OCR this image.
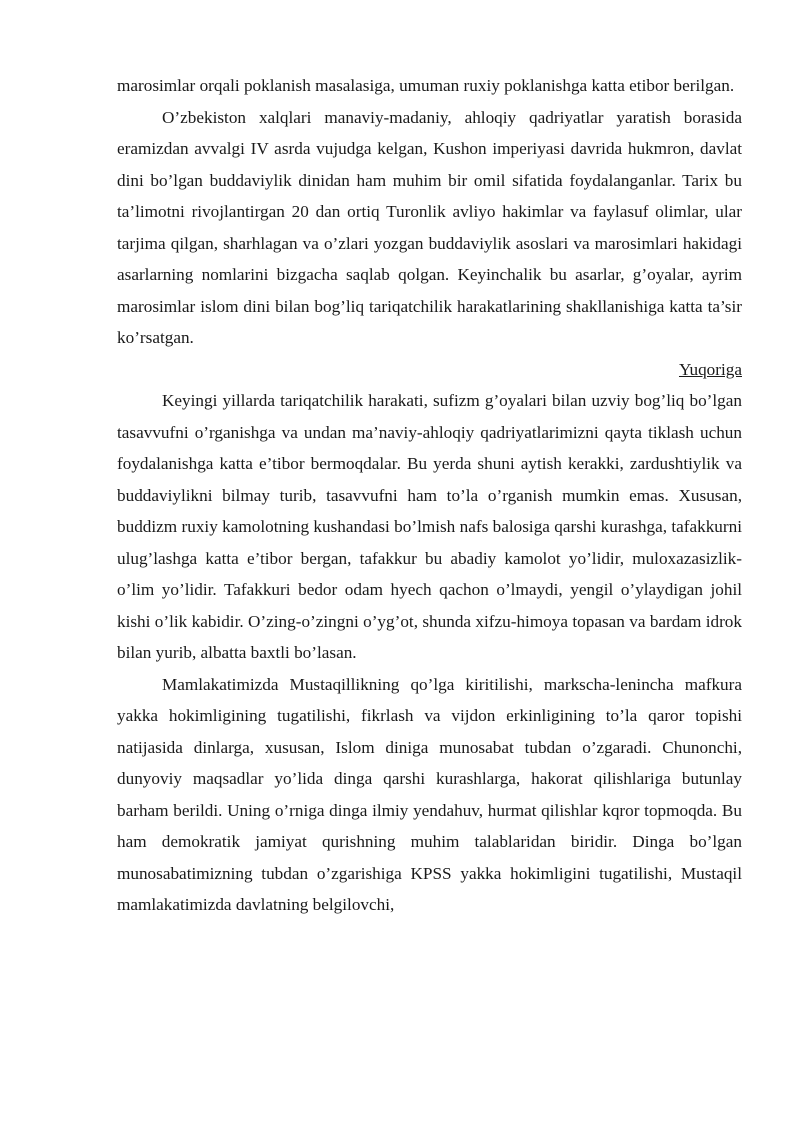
marosimlar orqali poklanish masalasiga, umuman ruxiy poklanishga katta etibor berilgan.

O’zbekiston xalqlari manaviy-madaniy, ahloqiy qadriyatlar yaratish borasida eramizdan avvalgi IV asrda vujudga kelgan, Kushon imperiyasi davrida hukmron, davlat dini bo’lgan buddaviylik dinidan ham muhim bir omil sifatida foydalanganlar. Tarix bu ta’limotni rivojlantirgan 20 dan ortiq Turonlik avliyo hakimlar va faylasuf olimlar, ular tarjima qilgan, sharhlagan va o’zlari yozgan buddaviylik asoslari va marosimlari hakidagi asarlarning nomlarini bizgacha saqlab qolgan. Keyinchalik bu asarlar, g’oyalar, ayrim marosimlar islom dini bilan bog’liq tariqatchilik harakatlarining shakllanishiga katta ta’sir ko’rsatgan.

Yuqoriga

Keyingi yillarda tariqatchilik harakati, sufizm g’oyalari bilan uzviy bog’liq bo’lgan tasavvufni o’rganishga va undan ma’naviy-ahloqiy qadriyatlarimizni qayta tiklash uchun foydalanishga katta e’tibor bermoqdalar. Bu yerda shuni aytish kerakki, zardushtiylik va buddaviylikni bilmay turib, tasavvufni ham to’la o’rganish mumkin emas. Xususan, buddizm ruxiy kamolotning kushandasi bo’lmish nafs balosiga qarshi kurashga, tafakkurni ulug’lashga katta e’tibor bergan, tafakkur bu abadiy kamolot yo’lidir, muloxazasizlik- o’lim yo’lidir. Tafakkuri bedor odam hyech qachon o’lmaydi, yengil o’ylaydigan johil kishi o’lik kabidir. O’zing-o’zingni o’yg’ot, shunda xifzu-himoya topasan va bardam idrok bilan yurib, albatta baxtli bo’lasan.

Mamlakatimizda Mustaqillikning qo’lga kiritilishi, markscha-lenincha mafkura yakka hokimligining tugatilishi, fikrlash va vijdon erkinligining to’la qaror topishi natijasida dinlarga, xususan, Islom diniga munosabat tubdan o’zgaradi. Chunonchi, dunyoviy maqsadlar yo’lida dinga qarshi kurashlarga, hakorat qilishlariga butunlay barham berildi. Uning o’rniga dinga ilmiy yendahuv, hurmat qilishlar kqror topmoqda. Bu ham demokratik jamiyat qurishning muhim talablaridan biridir. Dinga bo’lgan munosabatimizning tubdan o’zgarishiga KPSS yakka hokimligini tugatilishi, Mustaqil mamlakatimizda davlatning belgilovchi,
